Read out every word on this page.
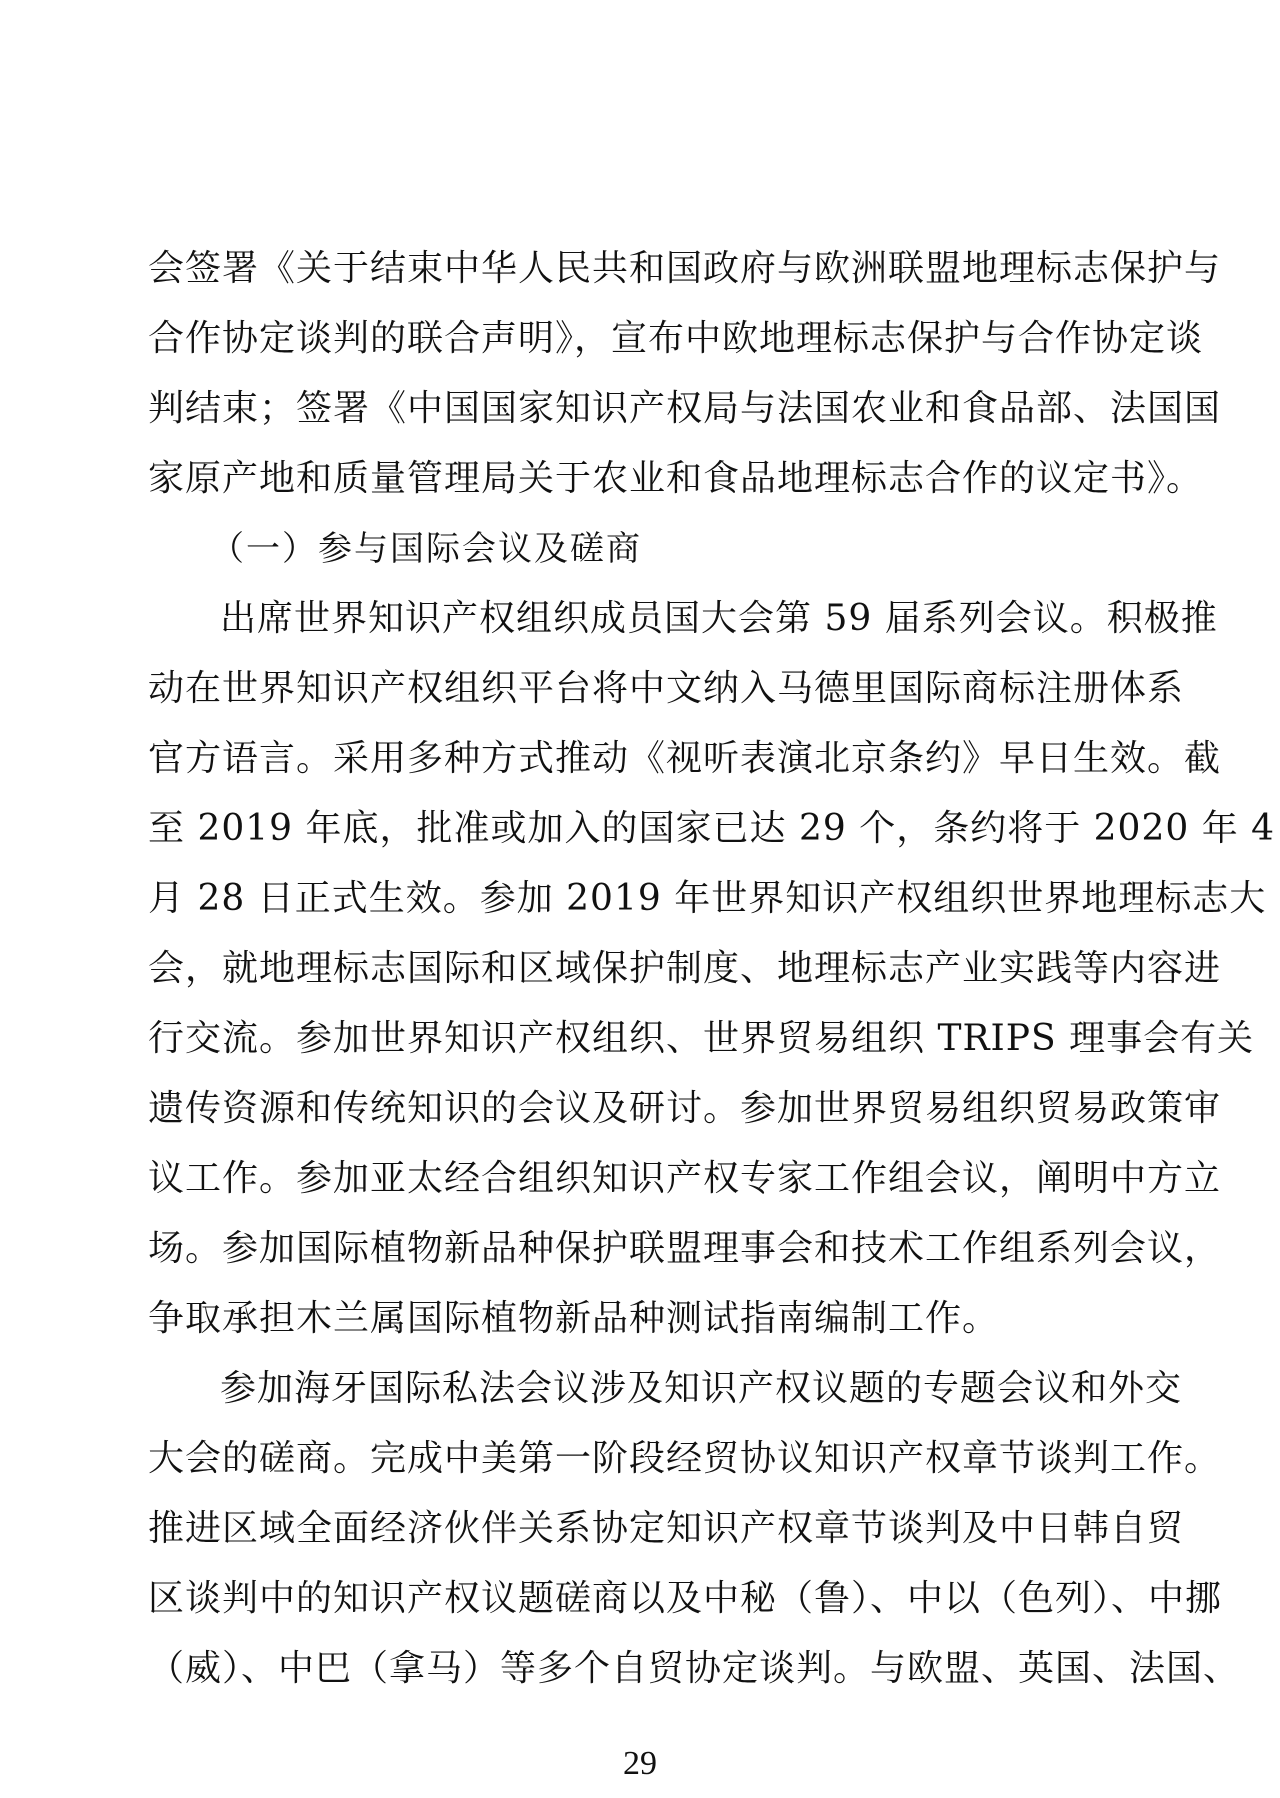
会签署《关于结束中华人民共和国政府与欧洲联盟地理标志保护与
合作协定谈判的联合声明》，宣布中欧地理标志保护与合作协定谈
判结束；签署《中国国家知识产权局与法国农业和食品部、法国国
家原产地和质量管理局关于农业和食品地理标志合作的议定书》。
（一）参与国际会议及磋商
出席世界知识产权组织成员国大会第 59 届系列会议。积极推
动在世界知识产权组织平台将中文纳入马德里国际商标注册体系
官方语言。采用多种方式推动《视听表演北京条约》早日生效。截
至 2019 年底，批准或加入的国家已达 29 个，条约将于 2020 年 4
月 28 日正式生效。参加 2019 年世界知识产权组织世界地理标志大
会，就地理标志国际和区域保护制度、地理标志产业实践等内容进
行交流。参加世界知识产权组织、世界贸易组织 TRIPS 理事会有关
遗传资源和传统知识的会议及研讨。参加世界贸易组织贸易政策审
议工作。参加亚太经合组织知识产权专家工作组会议，阐明中方立
场。参加国际植物新品种保护联盟理事会和技术工作组系列会议，
争取承担木兰属国际植物新品种测试指南编制工作。
参加海牙国际私法会议涉及知识产权议题的专题会议和外交
大会的磋商。完成中美第一阶段经贸协议知识产权章节谈判工作。
推进区域全面经济伙伴关系协定知识产权章节谈判及中日韩自贸
区谈判中的知识产权议题磋商以及中秘（鲁）、中以（色列）、中挪
（威）、中巴（拿马）等多个自贸协定谈判。与欧盟、英国、法国、
29
